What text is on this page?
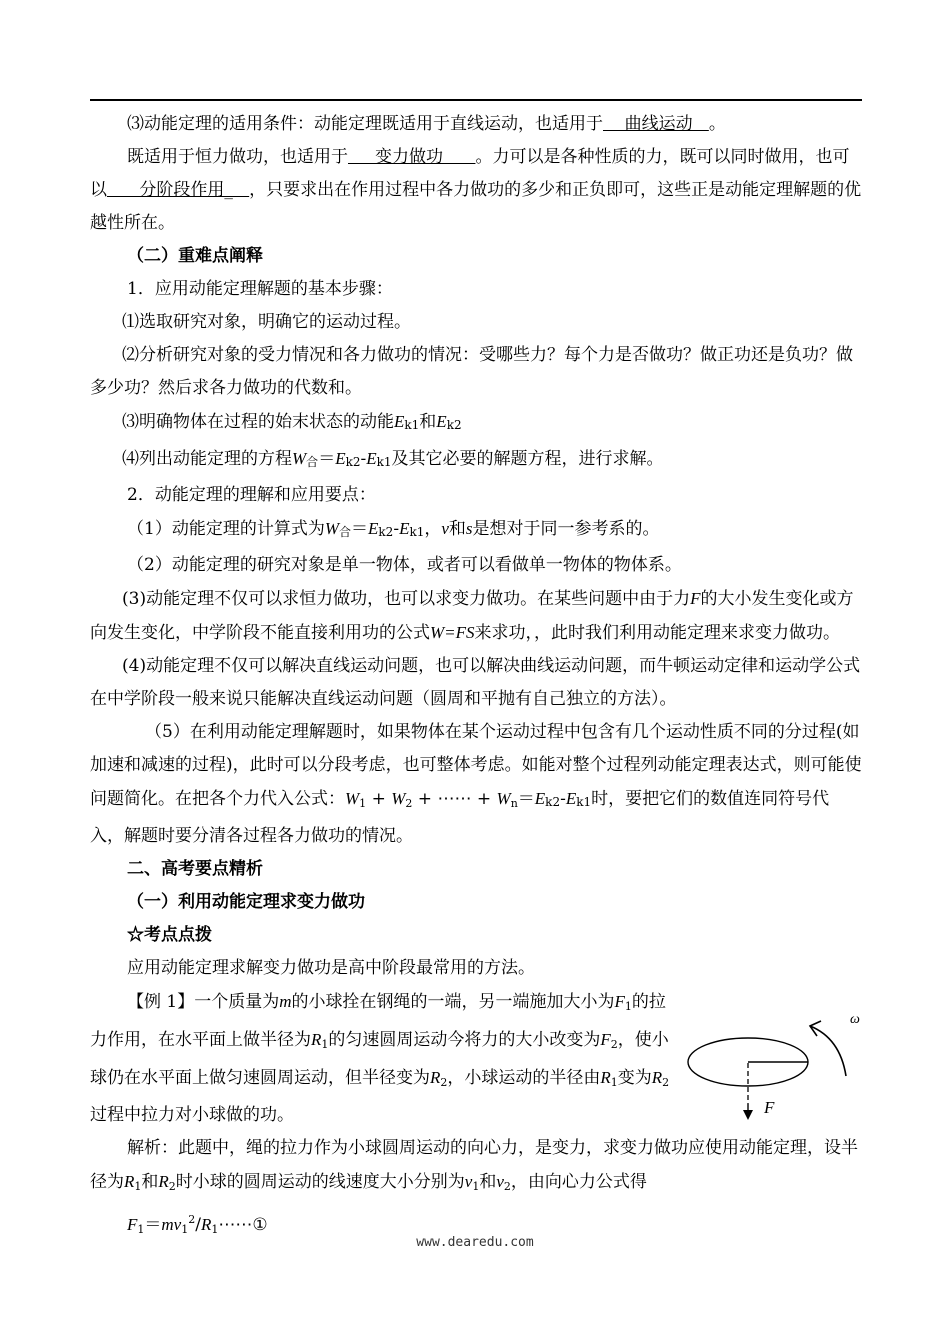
⑶动能定理的适用条件：动能定理既适用于直线运动，也适用于    曲线运动   。

既适用于恒力做功，也适用于     变力做功      。力可以是各种性质的力，既可以同时做用，也可以      分阶段作用_   ，只要求出在作用过程中各力做功的多少和正负即可，这些正是动能定理解题的优越性所在。

（二）重难点阐释

1．应用动能定理解题的基本步骤：

⑴选取研究对象，明确它的运动过程。

⑵分析研究对象的受力情况和各力做功的情况：受哪些力？每个力是否做功？做正功还是负功？做多少功？然后求各力做功的代数和。

⑶明确物体在过程的始末状态的动能Ek1和Ek2

⑷列出动能定理的方程W合＝Ek2-Ek1及其它必要的解题方程，进行求解。

2．动能定理的理解和应用要点：

（1）动能定理的计算式为W合＝Ek2-Ek1，v和s是想对于同一参考系的。

（2）动能定理的研究对象是单一物体，或者可以看做单一物体的物体系。

(3)动能定理不仅可以求恒力做功，也可以求变力做功。在某些问题中由于力F的大小发生变化或方向发生变化，中学阶段不能直接利用功的公式W=FS来求功，，此时我们利用动能定理来求变力做功。

(4)动能定理不仅可以解决直线运动问题，也可以解决曲线运动问题，而牛顿运动定律和运动学公式在中学阶段一般来说只能解决直线运动问题（圆周和平抛有自己独立的方法）。

（5）在利用动能定理解题时，如果物体在某个运动过程中包含有几个运动性质不同的分过程(如加速和减速的过程)，此时可以分段考虑，也可整体考虑。如能对整个过程列动能定理表达式，则可能使问题简化。在把各个力代入公式：$W_1 + W_2$ + ⋯⋯ + $W_n=Ek2-Ek1$时，要把它们的数值连同符号代入，解题时要分清各过程各力做功的情况。

二、高考要点精析

（一）利用动能定理求变力做功

☆考点点拨

应用动能定理求解变力做功是高中阶段最常用的方法。

【例 1】一个质量为m的小球拴在钢绳的一端，另一端施加大小为$F_1$的拉力作用，在水平面上做半径为$R_1$的匀速圆周运动今将力的大小改变为$F_2$，使小球仍在水平面上做匀速圆周运动，但半径变为$R_2$，小球运动的半径由$R_1$变为$R_2$过程中拉力对小球做的功。

解析：此题中，绳的拉力作为小球圆周运动的向心力，是变力，求变力做功应使用动能定理，设半径为$R_1$和$R_2$时小球的圆周运动的线速度大小分别为$v_1$和$v_2$，由向心力公式得

$F_1=mv_1^2/R_1\cdots\cdots ①$

ω
F
www.dearedu.com
